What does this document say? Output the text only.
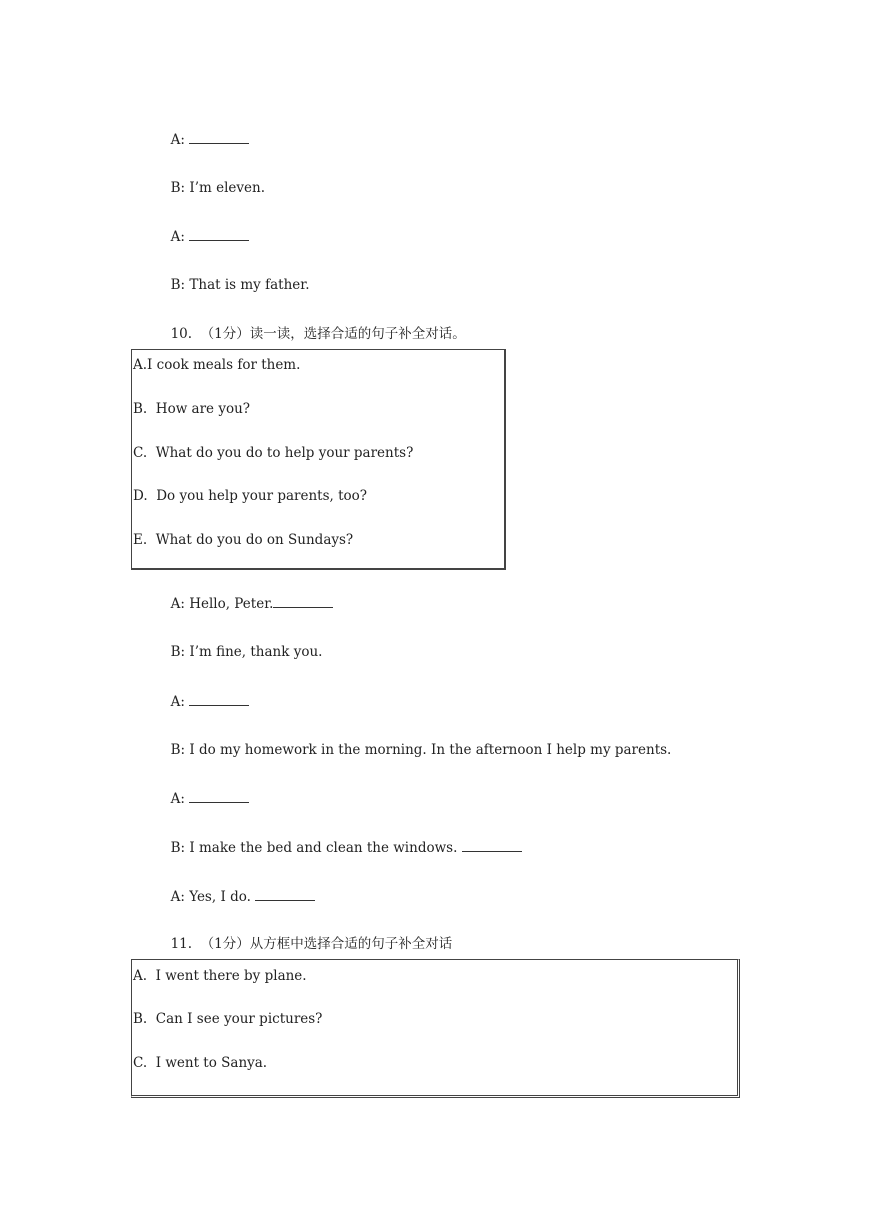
A:

B: I’m eleven.

A:

B: That is my father.

10. （1分）读一读，选择合适的句子补全对话。

A.I cook meals for them.
B.  How are you?
C.  What do you do to help your parents?
D.  Do you help your parents, too?
E.  What do you do on Sundays?

A: Hello, Peter.

B: I’m fine, thank you.

A:

B: I do my homework in the morning. In the afternoon I help my parents.

A:

B: I make the bed and clean the windows.

A: Yes, I do.

11. （1分）从方框中选择合适的句子补全对话

A.  I went there by plane.
B.  Can I see your pictures?
C.  I went to Sanya.
